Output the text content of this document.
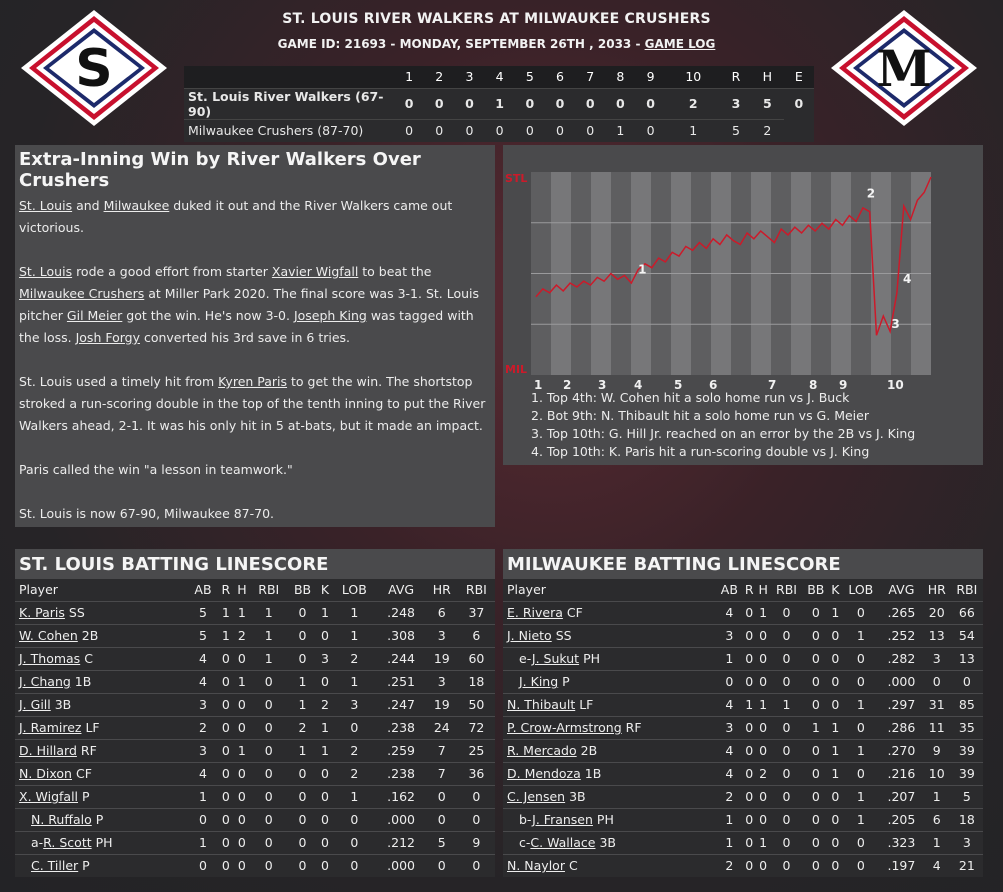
S	M
ST. LOUIS RIVER WALKERS AT MILWAUKEE CRUSHERS
GAME ID: 21693 - MONDAY, SEPTEMBER 26TH , 2033 - GAME LOG
	1	2	3	4	5	6	7	8	9	10	R	H	E
St. Louis River Walkers (67-90)	0	0	0	1	0	0	0	0	0	2	3	5	0
Milwaukee Crushers (87-70)	0	0	0	0	0	0	0	1	0	1	5	2	
Extra-Inning Win by River Walkers Over Crushers

St. Louis and Milwaukee duked it out and the River Walkers came out victorious.

St. Louis rode a good effort from starter Xavier Wigfall to beat the Milwaukee Crushers at Miller Park 2020. The final score was 3-1. St. Louis pitcher Gil Meier got the win. He's now 3-0. Joseph King was tagged with the loss. Josh Forgy converted his 3rd save in 6 tries.

St. Louis used a timely hit from Kyren Paris to get the win. The shortstop stroked a run-scoring double in the top of the tenth inning to put the River Walkers ahead, 2-1. It was his only hit in 5 at-bats, but it made an impact.

Paris called the win "a lesson in teamwork."

St. Louis is now 67-90, Milwaukee 87-70.

STL
MIL
1 2 3 4	5 6	7	8 9	10
1
2
3
4
1. Top 4th: W. Cohen hit a solo home run vs J. Buck
2. Bot 9th: N. Thibault hit a solo home run vs G. Meier
3. Top 10th: G. Hill Jr. reached on an error by the 2B vs J. King
4. Top 10th: K. Paris hit a run-scoring double vs J. King
ST. LOUIS BATTING LINESCORE
Player	AB	R	H	RBI	BB	K	LOB	AVG	HR	RBI
K. Paris SS	5	1	1	1	0	1	1	.248	6	37
W. Cohen 2B	5	1	2	1	0	0	1	.308	3	6
J. Thomas C	4	0	0	1	0	3	2	.244	19	60
J. Chang 1B	4	0	1	0	1	0	1	.251	3	18
J. Gill 3B	3	0	0	0	1	2	3	.247	19	50
J. Ramirez LF	2	0	0	0	2	1	0	.238	24	72
D. Hillard RF	3	0	1	0	1	1	2	.259	7	25
N. Dixon CF	4	0	0	0	0	0	2	.238	7	36
X. Wigfall P	1	0	0	0	0	0	1	.162	0	0
N. Ruffalo P	0	0	0	0	0	0	0	.000	0	0
a-R. Scott PH	1	0	0	0	0	0	0	.212	5	9
C. Tiller P	0	0	0	0	0	0	0	.000	0	0
MILWAUKEE BATTING LINESCORE
Player	AB	R	H	RBI	BB	K	LOB	AVG	HR	RBI
E. Rivera CF	4	0	1	0	0	1	0	.265	20	66
J. Nieto SS	3	0	0	0	0	0	1	.252	13	54
e-J. Sukut PH	1	0	0	0	0	0	0	.282	3	13
J. King P	0	0	0	0	0	0	0	.000	0	0
N. Thibault LF	4	1	1	1	0	0	1	.297	31	85
P. Crow-Armstrong RF	3	0	0	0	1	1	0	.286	11	35
R. Mercado 2B	4	0	0	0	0	1	1	.270	9	39
D. Mendoza 1B	4	0	2	0	0	1	0	.216	10	39
C. Jensen 3B	2	0	0	0	0	0	1	.207	1	5
b-J. Fransen PH	1	0	0	0	0	0	1	.205	6	18
c-C. Wallace 3B	1	0	1	0	0	0	0	.323	1	3
N. Naylor C	2	0	0	0	0	0	0	.197	4	21
